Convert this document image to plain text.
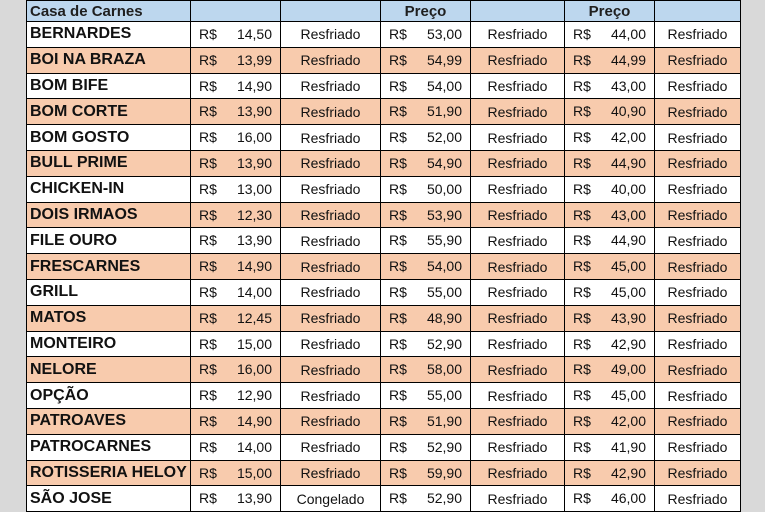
Casa de Carnes			Preço		Preço	
BERNARDES	R$ 14,50	Resfriado	R$ 53,00	Resfriado	R$ 44,00	Resfriado
BOI NA BRAZA	R$ 13,99	Resfriado	R$ 54,99	Resfriado	R$ 44,99	Resfriado
BOM BIFE	R$ 14,90	Resfriado	R$ 54,00	Resfriado	R$ 43,00	Resfriado
BOM CORTE	R$ 13,90	Resfriado	R$ 51,90	Resfriado	R$ 40,90	Resfriado
BOM GOSTO	R$ 16,00	Resfriado	R$ 52,00	Resfriado	R$ 42,00	Resfriado
BULL PRIME	R$ 13,90	Resfriado	R$ 54,90	Resfriado	R$ 44,90	Resfriado
CHICKEN-IN	R$ 13,00	Resfriado	R$ 50,00	Resfriado	R$ 40,00	Resfriado
DOIS IRMAOS	R$ 12,30	Resfriado	R$ 53,90	Resfriado	R$ 43,00	Resfriado
FILE OURO	R$ 13,90	Resfriado	R$ 55,90	Resfriado	R$ 44,90	Resfriado
FRESCARNES	R$ 14,90	Resfriado	R$ 54,00	Resfriado	R$ 45,00	Resfriado
GRILL	R$ 14,00	Resfriado	R$ 55,00	Resfriado	R$ 45,00	Resfriado
MATOS	R$ 12,45	Resfriado	R$ 48,90	Resfriado	R$ 43,90	Resfriado
MONTEIRO	R$ 15,00	Resfriado	R$ 52,90	Resfriado	R$ 42,90	Resfriado
NELORE	R$ 16,00	Resfriado	R$ 58,00	Resfriado	R$ 49,00	Resfriado
OPÇÃO	R$ 12,90	Resfriado	R$ 55,00	Resfriado	R$ 45,00	Resfriado
PATROAVES	R$ 14,90	Resfriado	R$ 51,90	Resfriado	R$ 42,00	Resfriado
PATROCARNES	R$ 14,00	Resfriado	R$ 52,90	Resfriado	R$ 41,90	Resfriado
ROTISSERIA HELOY	R$ 15,00	Resfriado	R$ 59,90	Resfriado	R$ 42,90	Resfriado
SÃO JOSE	R$ 13,90	Congelado	R$ 52,90	Resfriado	R$ 46,00	Resfriado
